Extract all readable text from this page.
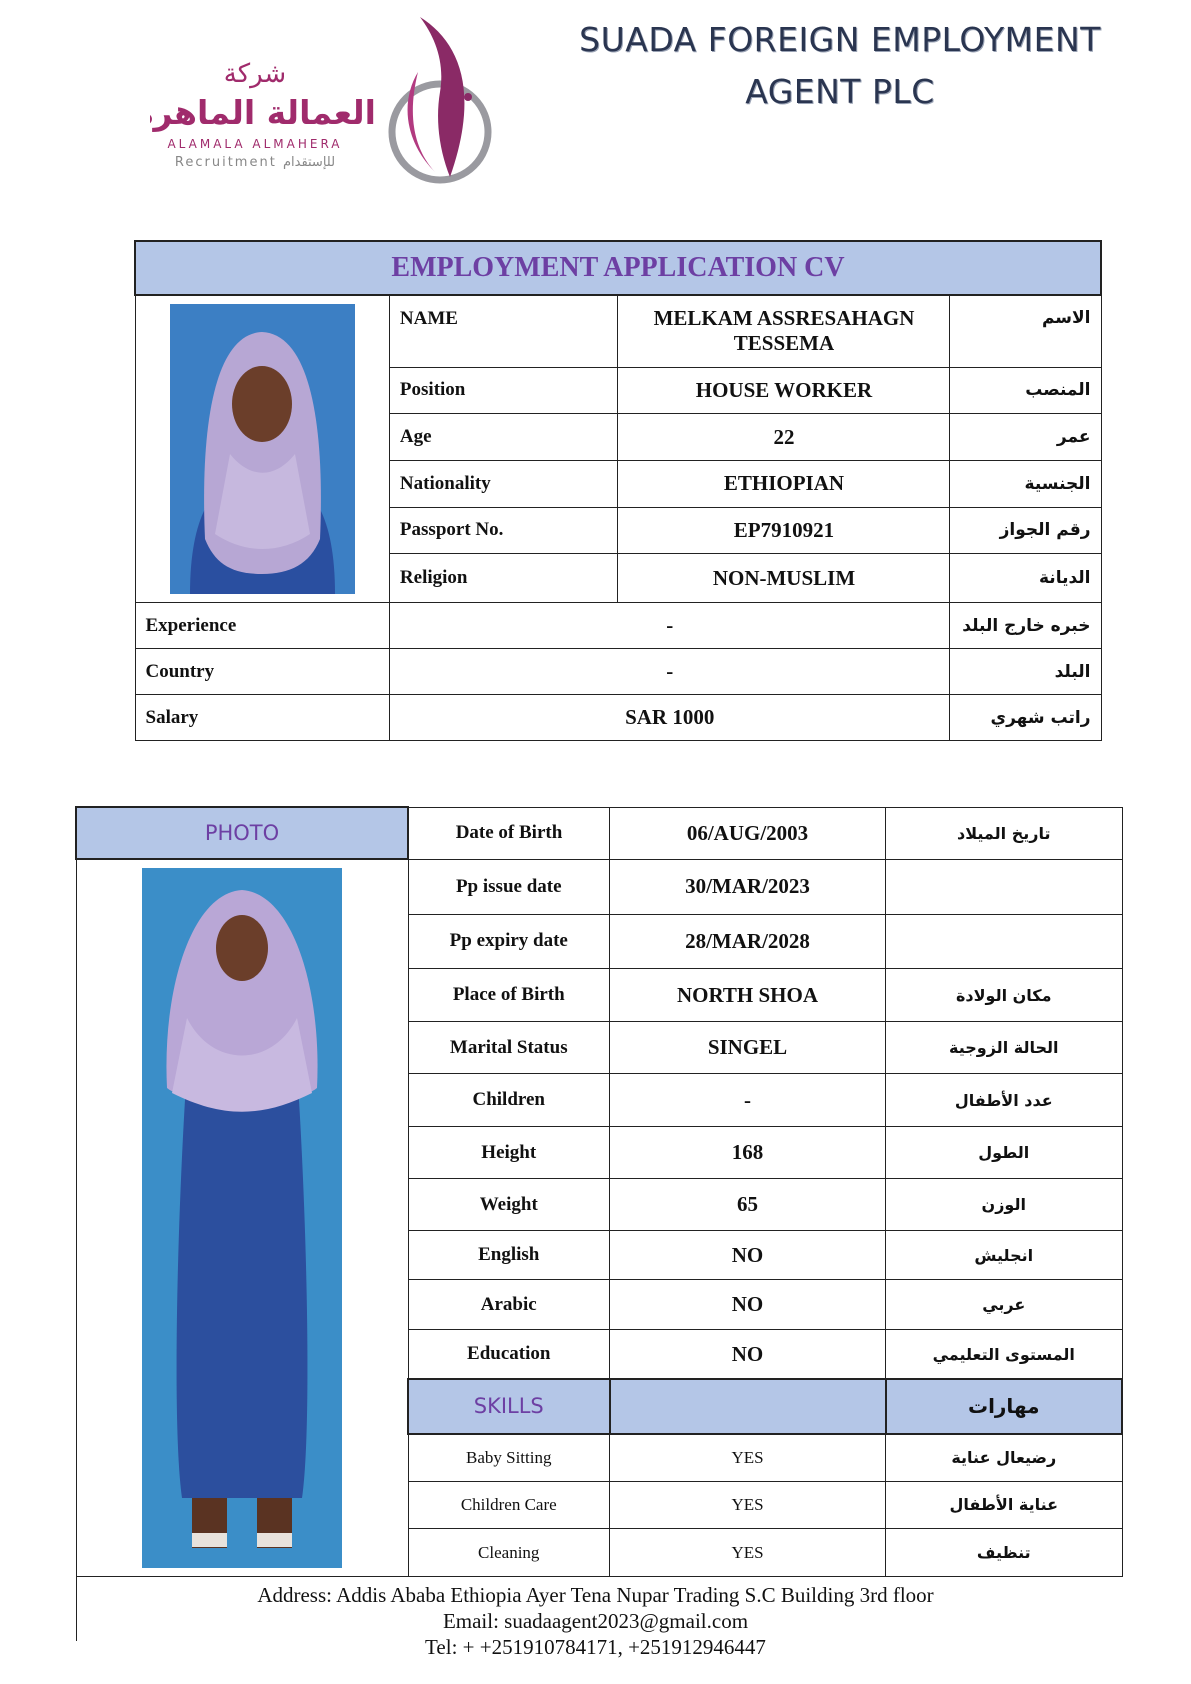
شركة
العمالة الماهرة
ALAMALA ALMAHERA
Recruitment للإستقدام
SUADA FOREIGN EMPLOYMENT
AGENT PLC
EMPLOYMENT APPLICATION CV			

	NAME	MELKAM ASSRESAHAGN TESSEMA	الاسم
	Position	HOUSE WORKER	المنصب
	Age	22	عمر
	Nationality	ETHIOPIAN	الجنسية
	Passport No.	EP7910921	رقم الجواز
	Religion	NON-MUSLIM	الديانة
Experience	-		خبره خارج البلد
Country	-		البلد
Salary	SAR 1000		راتب شهري
PHOTO	Date of Birth	06/AUG/2003	تاريخ الميلاد

	Pp issue date	30/MAR/2023	
	Pp expiry date	28/MAR/2028	
	Place of Birth	NORTH SHOA	مكان الولادة
	Marital Status	SINGEL	الحالة الزوجية
	Children	-	عدد الأطفال
	Height	168	الطول
	Weight	65	الوزن
	English	NO	انجليش
	Arabic	NO	عربي
	Education	NO	المستوى التعليمي
	SKILLS		مهارات
	Baby Sitting	YES	رضيعال عناية
	Children Care	YES	عناية الأطفال
	Cleaning	YES	تنظيف

Address: Addis Ababa Ethiopia Ayer Tena Nupar Trading S.C Building 3rd floor
Email: suadaagent2023@gmail.com
Tel: + +251910784171, +251912946447
